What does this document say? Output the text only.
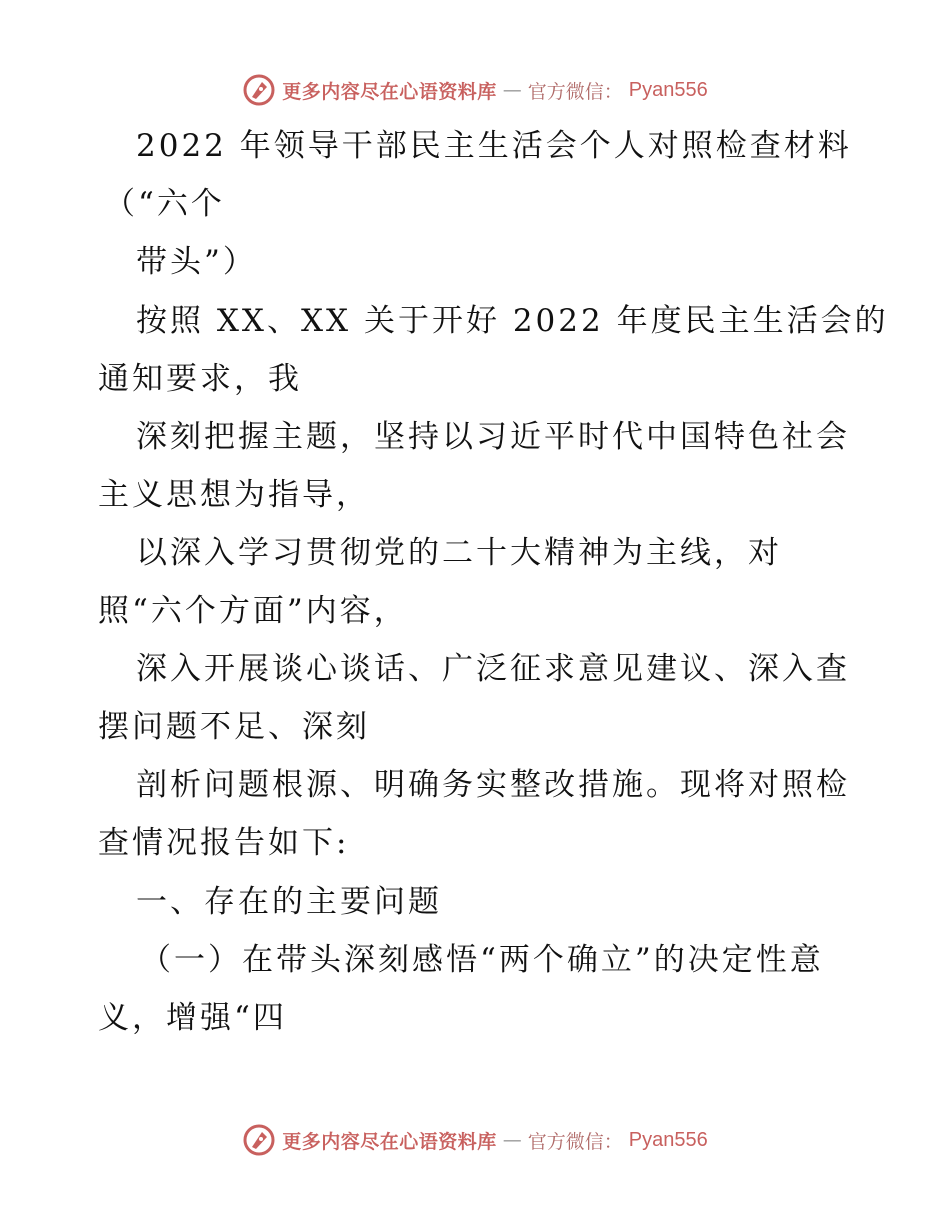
更多内容尽在心语资料库 — 官方微信： Pyan556
2022 年领导干部民主生活会个人对照检查材料
（“六个
带头”）
按照 XX、XX 关于开好 2022 年度民主生活会的
通知要求，我
深刻把握主题，坚持以习近平时代中国特色社会
主义思想为指导，
以深入学习贯彻党的二十大精神为主线，对
照“六个方面”内容，
深入开展谈心谈话、广泛征求意见建议、深入查
摆问题不足、深刻
剖析问题根源、明确务实整改措施。现将对照检
查情况报告如下:
一、存在的主要问题
（一）在带头深刻感悟“两个确立”的决定性意
义，增强“四
更多内容尽在心语资料库 — 官方微信： Pyan556
